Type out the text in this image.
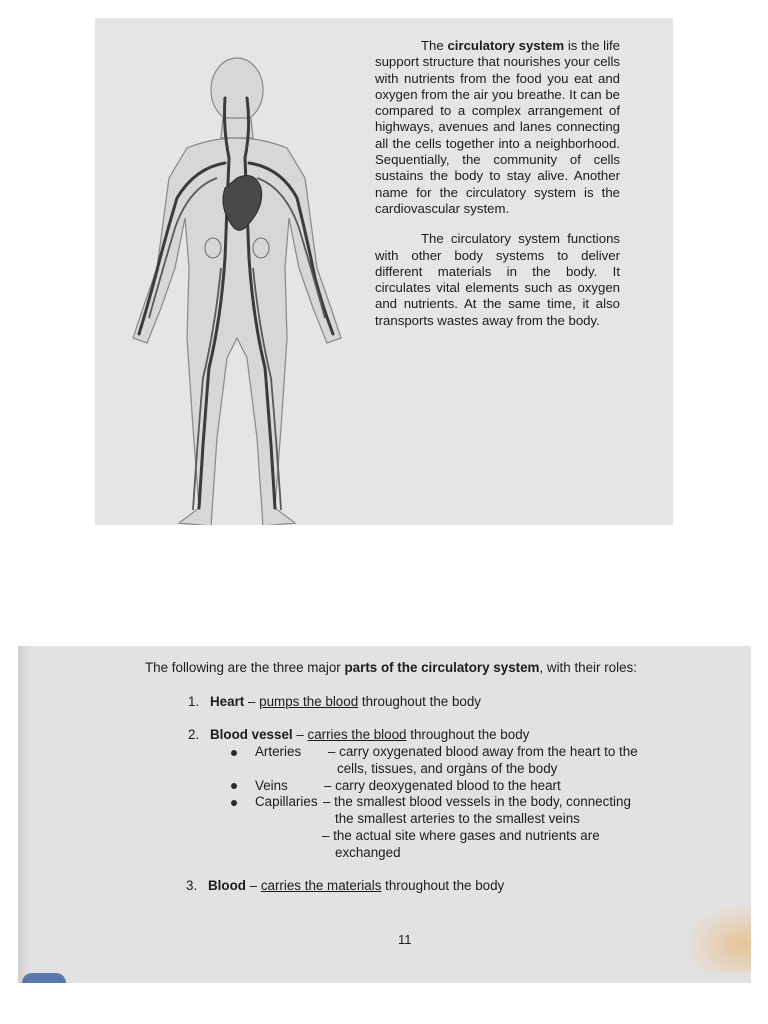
The circulatory system is the life support structure that nourishes your cells with nutrients from the food you eat and oxygen from the air you breathe. It can be compared to a complex arrangement of highways, avenues and lanes connecting all the cells together into a neighborhood. Sequentially, the community of cells sustains the body to stay alive. Another name for the circulatory system is the cardiovascular system.

The circulatory system functions with other body systems to deliver different materials in the body. It circulates vital elements such as oxygen and nutrients. At the same time, it also transports wastes away from the body.

The following are the three major parts of the circulatory system, with their roles:
1. Heart – pumps the blood throughout the body
2. Blood vessel – carries the blood throughout the body
Arteries – carry oxygenated blood away from the heart to the
cells, tissues, and orgàns of the body
Veins	– carry deoxygenated blood to the heart
Capillaries – the smallest blood vessels in the body, connecting
the smallest arteries to the smallest veins
– the actual site where gases and nutrients are
exchanged
3. Blood – carries the materials throughout the body
11
